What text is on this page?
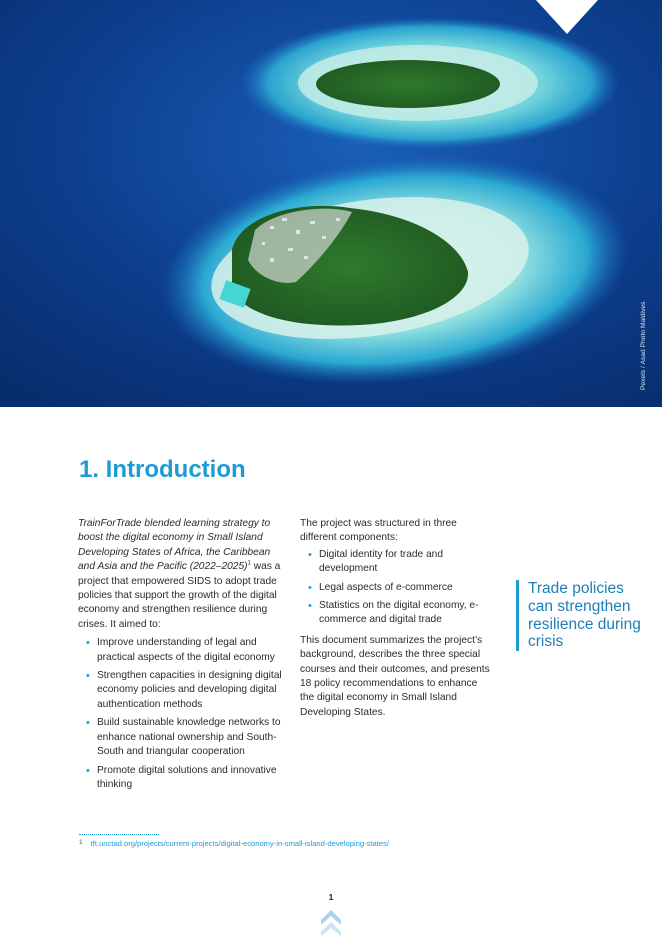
Pexels / Asad Photo Maldives
1. Introduction

TrainForTrade blended learning strategy to boost the digital economy in Small Island Developing States of Africa, the Caribbean and Asia and the Pacific (2022–2025)$^1$ was a project that empowered SIDS to adopt trade policies that support the growth of the digital economy and strengthen resilience during crises. It aimed to:

• Improve understanding of legal and practical aspects of the digital economy
• Strengthen capacities in designing digital economy policies and developing digital authentication methods
• Build sustainable knowledge networks to enhance national ownership and South-South and triangular cooperation
• Promote digital solutions and innovative thinking

The project was structured in three different components:

• Digital identity for trade and development
• Legal aspects of e-commerce
• Statistics on the digital economy, e-commerce and digital trade

This document summarizes the project’s background, describes the three special courses and their outcomes, and presents 18 policy recommendations to enhance the digital economy in Small Island Developing States.

Trade policies can strengthen resilience during crisis
1 tft.unctad.org/projects/current-projects/digital-economy-in-small-island-developing-states/
1
